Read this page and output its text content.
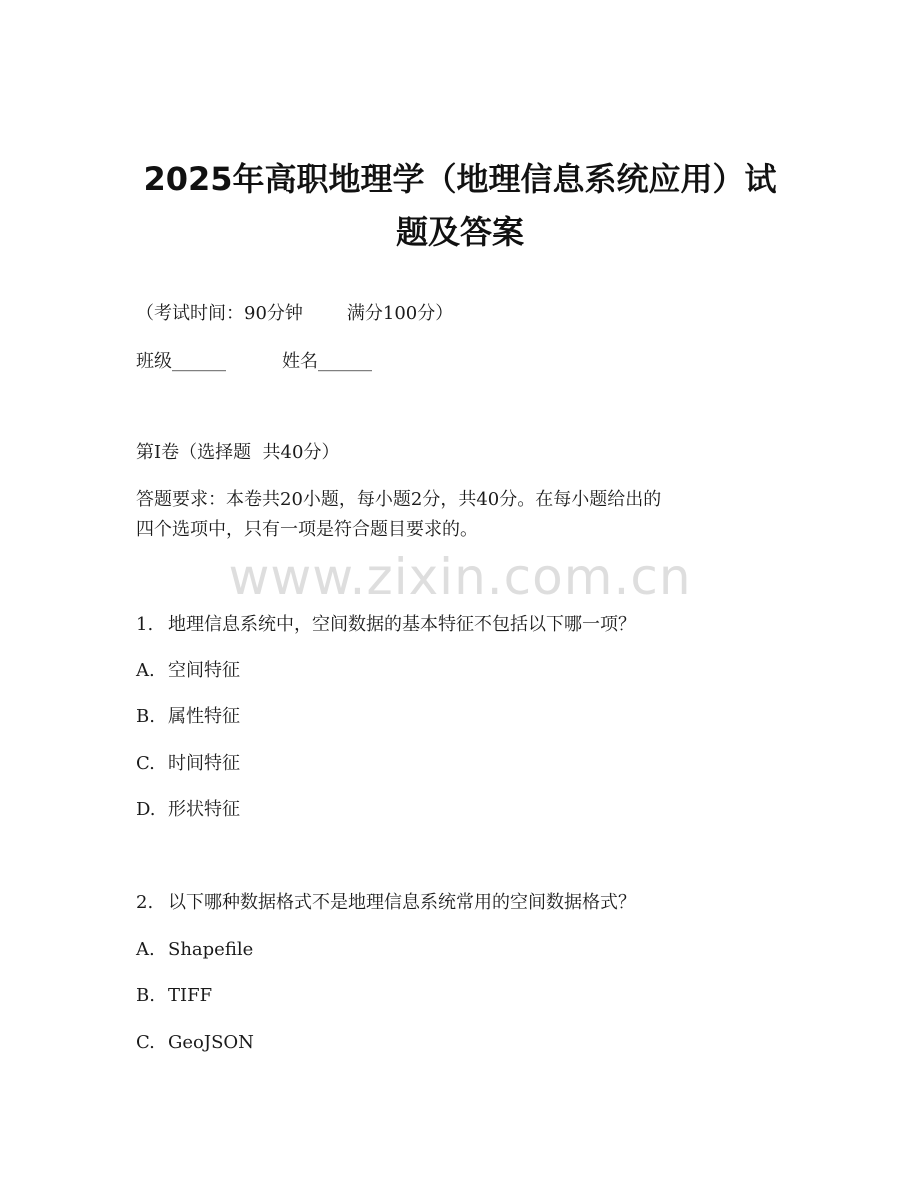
2025年高职地理学（地理信息系统应用）试
题及答案

（考试时间：90分钟 满分100分）

班级______	姓名______

第Ⅰ卷（选择题  共40分）

答题要求：本卷共20小题，每小题2分，共40分。在每小题给出的

四个选项中，只有一项是符合题目要求的。

www.zixin.com.cn

1. 地理信息系统中，空间数据的基本特征不包括以下哪一项？

A. 空间特征

B. 属性特征

C. 时间特征

D. 形状特征

2. 以下哪种数据格式不是地理信息系统常用的空间数据格式？

A. Shapefile

B. TIFF

C. GeoJSON
